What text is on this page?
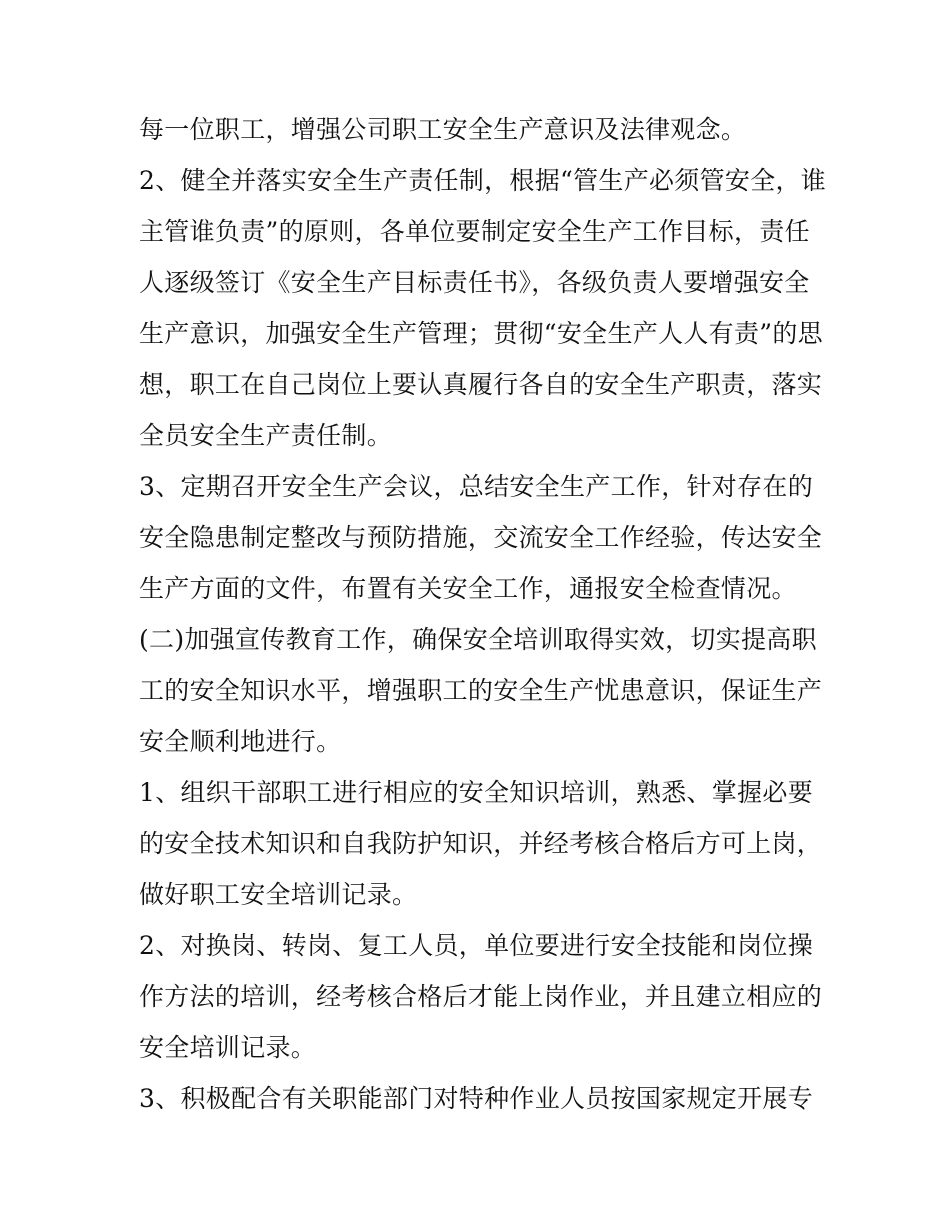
每一位职工，增强公司职工安全生产意识及法律观念。
2、健全并落实安全生产责任制，根据“管生产必须管安全，谁
主管谁负责”的原则，各单位要制定安全生产工作目标，责任
人逐级签订《安全生产目标责任书》，各级负责人要增强安全
生产意识，加强安全生产管理；贯彻“安全生产人人有责”的思
想，职工在自己岗位上要认真履行各自的安全生产职责，落实
全员安全生产责任制。
3、定期召开安全生产会议，总结安全生产工作，针对存在的
安全隐患制定整改与预防措施，交流安全工作经验，传达安全
生产方面的文件，布置有关安全工作，通报安全检查情况。
(二)加强宣传教育工作，确保安全培训取得实效，切实提高职
工的安全知识水平，增强职工的安全生产忧患意识，保证生产
安全顺利地进行。
1、组织干部职工进行相应的安全知识培训，熟悉、掌握必要
的安全技术知识和自我防护知识，并经考核合格后方可上岗，
做好职工安全培训记录。
2、对换岗、转岗、复工人员，单位要进行安全技能和岗位操
作方法的培训，经考核合格后才能上岗作业，并且建立相应的
安全培训记录。
3、积极配合有关职能部门对特种作业人员按国家规定开展专
